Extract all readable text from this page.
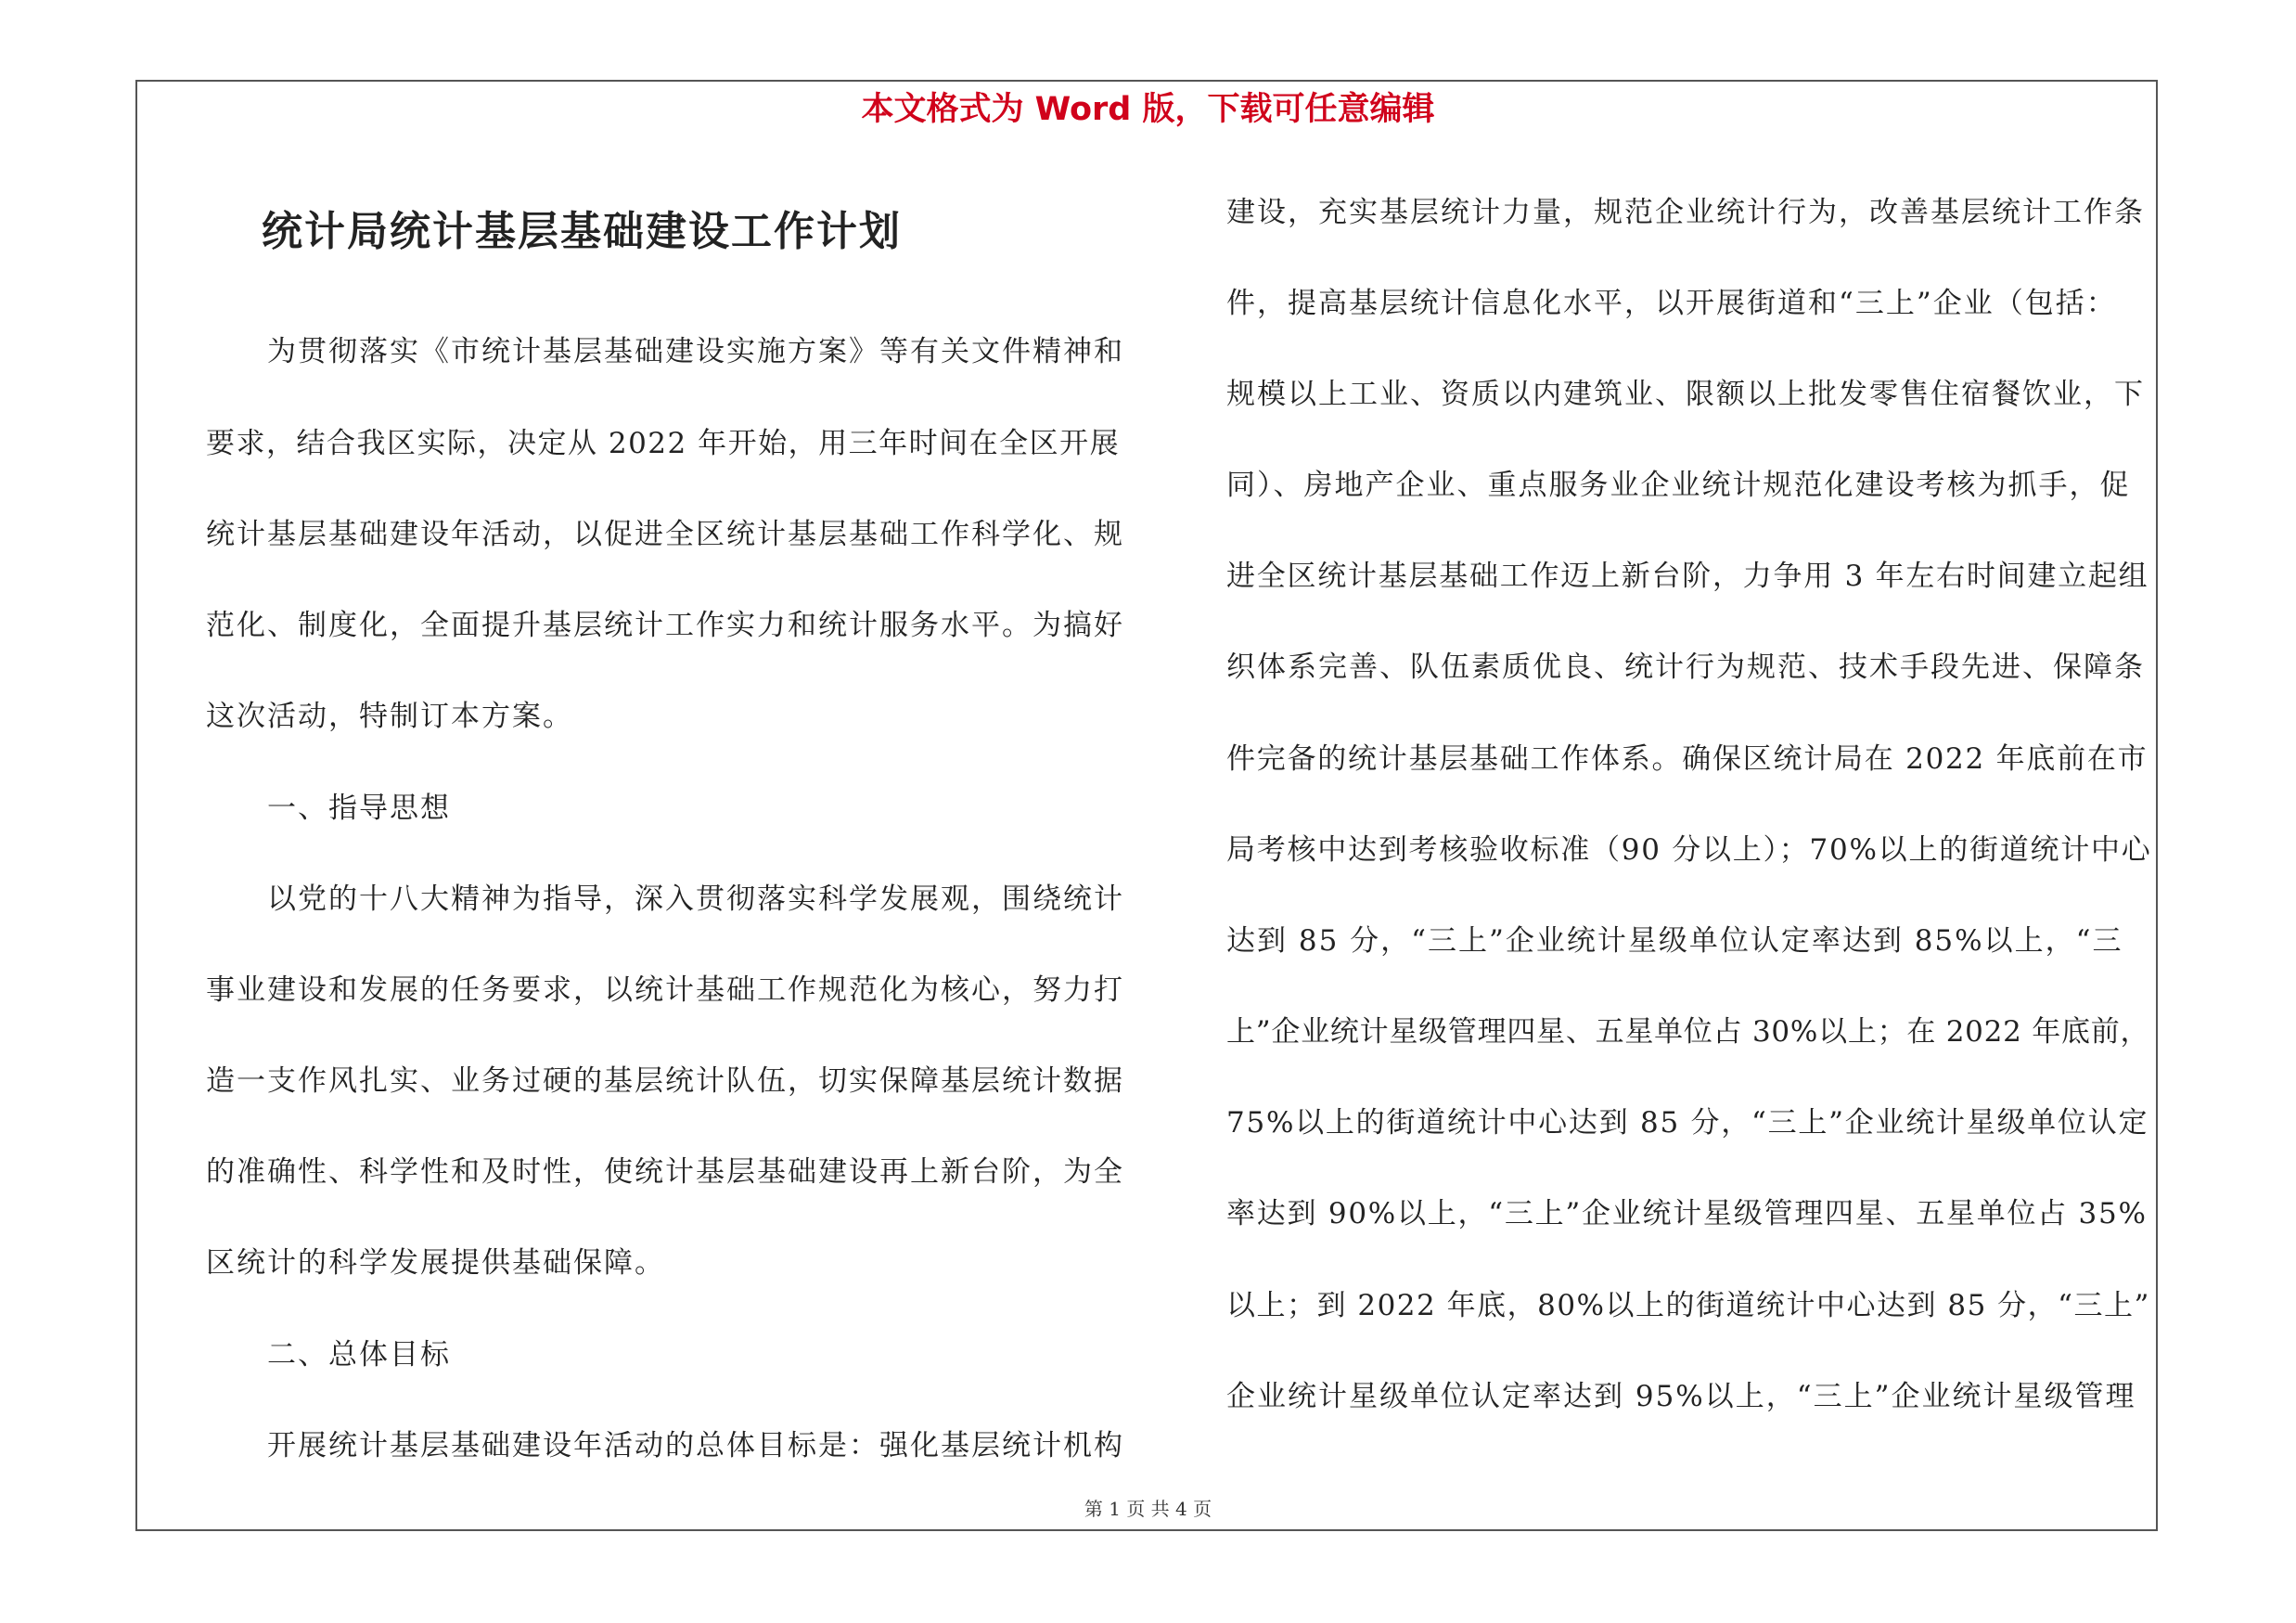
本文格式为 Word 版，下载可任意编辑
统计局统计基层基础建设工作计划
为贯彻落实《市统计基层基础建设实施方案》等有关文件精神和
要求，结合我区实际，决定从 2022 年开始，用三年时间在全区开展
统计基层基础建设年活动，以促进全区统计基层基础工作科学化、规
范化、制度化，全面提升基层统计工作实力和统计服务水平。为搞好
这次活动，特制订本方案。
一、指导思想
以党的十八大精神为指导，深入贯彻落实科学发展观，围绕统计
事业建设和发展的任务要求，以统计基础工作规范化为核心，努力打
造一支作风扎实、业务过硬的基层统计队伍，切实保障基层统计数据
的准确性、科学性和及时性，使统计基层基础建设再上新台阶，为全
区统计的科学发展提供基础保障。
二、总体目标
开展统计基层基础建设年活动的总体目标是：强化基层统计机构
建设，充实基层统计力量，规范企业统计行为，改善基层统计工作条
件，提高基层统计信息化水平，以开展街道和“三上”企业（包括：
规模以上工业、资质以内建筑业、限额以上批发零售住宿餐饮业，下
同）、房地产企业、重点服务业企业统计规范化建设考核为抓手，促
进全区统计基层基础工作迈上新台阶，力争用 3 年左右时间建立起组
织体系完善、队伍素质优良、统计行为规范、技术手段先进、保障条
件完备的统计基层基础工作体系。确保区统计局在 2022 年底前在市
局考核中达到考核验收标准（90 分以上）；70%以上的街道统计中心
达到 85 分，“三上”企业统计星级单位认定率达到 85%以上，“三
上”企业统计星级管理四星、五星单位占 30%以上；在 2022 年底前，
75%以上的街道统计中心达到 85 分，“三上”企业统计星级单位认定
率达到 90%以上，“三上”企业统计星级管理四星、五星单位占 35%
以上；到 2022 年底，80%以上的街道统计中心达到 85 分，“三上”
企业统计星级单位认定率达到 95%以上，“三上”企业统计星级管理
第 1 页 共 4 页
